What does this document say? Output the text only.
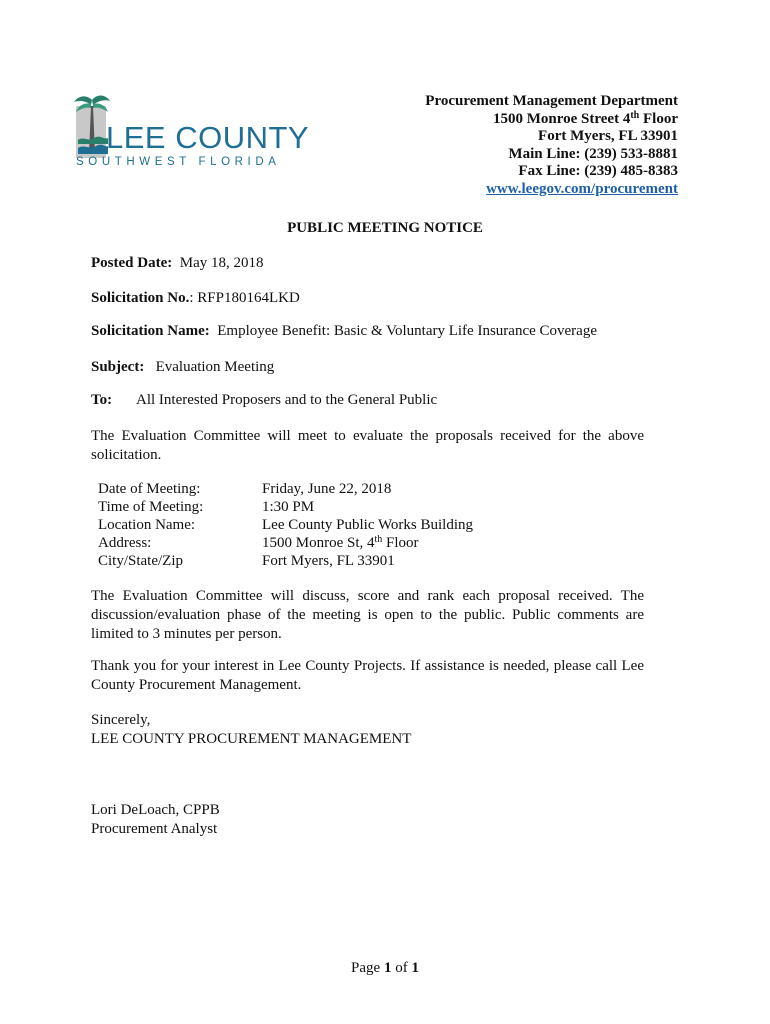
LEE COUNTY
SOUTHWEST FLORIDA
Procurement Management Department
1500 Monroe Street 4th Floor
Fort Myers, FL 33901
Main Line: (239) 533-8881
Fax Line: (239) 485-8383
www.leegov.com/procurement
PUBLIC MEETING NOTICE
Posted Date: May 18, 2018
Solicitation No.: RFP180164LKD
Solicitation Name: Employee Benefit: Basic & Voluntary Life Insurance Coverage
Subject: Evaluation Meeting
To: All Interested Proposers and to the General Public
The Evaluation Committee will meet to evaluate the proposals received for the above solicitation.
Date of Meeting:	Friday, June 22, 2018
Time of Meeting:	1:30 PM
Location Name:	Lee County Public Works Building
Address:	1500 Monroe St, 4th Floor
City/State/Zip	Fort Myers, FL 33901
The Evaluation Committee will discuss, score and rank each proposal received. The discussion/evaluation phase of the meeting is open to the public. Public comments are limited to 3 minutes per person.
Thank you for your interest in Lee County Projects. If assistance is needed, please call Lee County Procurement Management.
Sincerely,
LEE COUNTY PROCUREMENT MANAGEMENT
Lori DeLoach, CPPB
Procurement Analyst
Page 1 of 1
